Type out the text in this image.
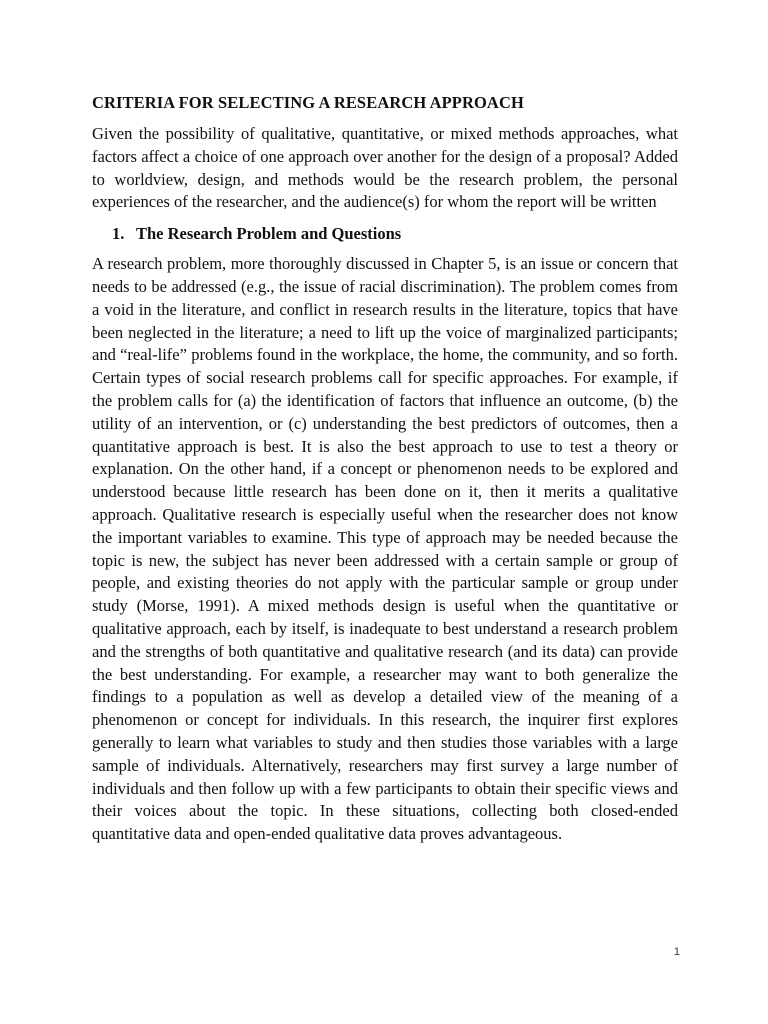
CRITERIA FOR SELECTING A RESEARCH APPROACH

Given the possibility of qualitative, quantitative, or mixed methods approaches, what factors affect a choice of one approach over another for the design of a proposal? Added to worldview, design, and methods would be the research problem, the personal experiences of the researcher, and the audience(s) for whom the report will be written

1. The Research Problem and Questions

A research problem, more thoroughly discussed in Chapter 5, is an issue or concern that needs to be addressed (e.g., the issue of racial discrimination). The problem comes from a void in the literature, and conflict in research results in the literature, topics that have been neglected in the literature; a need to lift up the voice of marginalized participants; and “real-life” problems found in the workplace, the home, the community, and so forth. Certain types of social research problems call for specific approaches. For example, if the problem calls for (a) the identification of factors that influence an outcome, (b) the utility of an intervention, or (c) understanding the best predictors of outcomes, then a quantitative approach is best. It is also the best approach to use to test a theory or explanation. On the other hand, if a concept or phenomenon needs to be explored and understood because little research has been done on it, then it merits a qualitative approach. Qualitative research is especially useful when the researcher does not know the important variables to examine. This type of approach may be needed because the topic is new, the subject has never been addressed with a certain sample or group of people, and existing theories do not apply with the particular sample or group under study (Morse, 1991). A mixed methods design is useful when the quantitative or qualitative approach, each by itself, is inadequate to best understand a research problem and the strengths of both quantitative and qualitative research (and its data) can provide the best understanding. For example, a researcher may want to both generalize the findings to a population as well as develop a detailed view of the meaning of a phenomenon or concept for individuals. In this research, the inquirer first explores generally to learn what variables to study and then studies those variables with a large sample of individuals. Alternatively, researchers may first survey a large number of individuals and then follow up with a few participants to obtain their specific views and their voices about the topic. In these situations, collecting both closed-ended quantitative data and open-ended qualitative data proves advantageous.

1
